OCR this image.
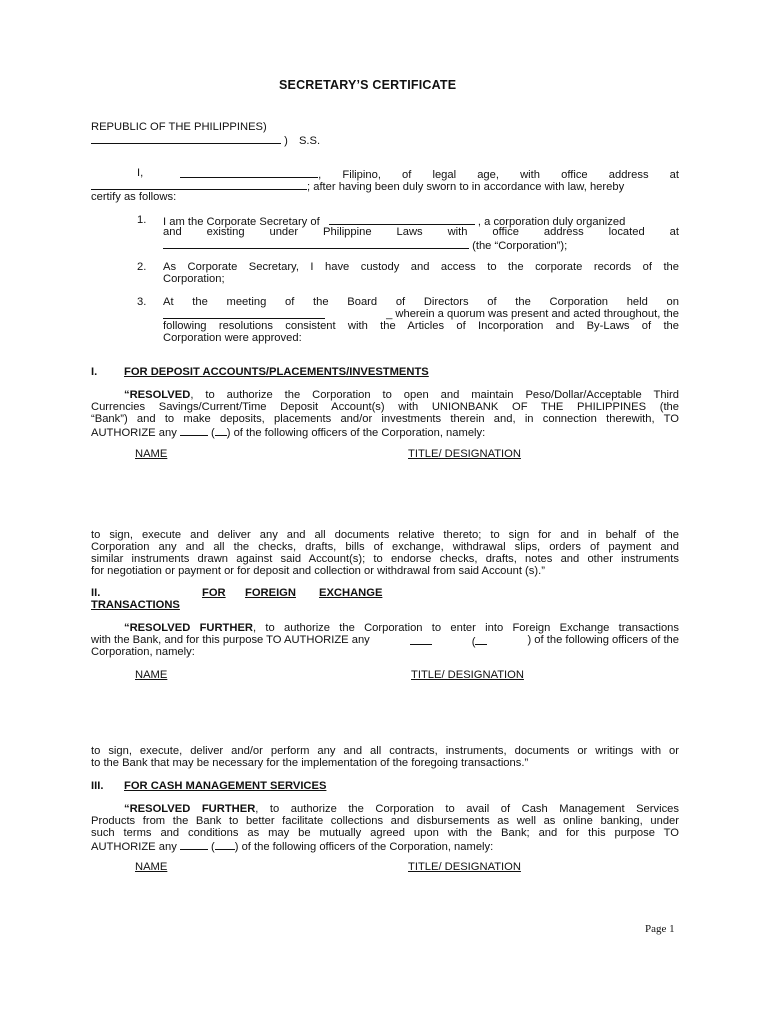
SECRETARY’S CERTIFICATE

REPUBLIC OF THE PHILIPPINES)

) S.S.
I,	, Filipino, of legal age, with office address at
; after having been duly sworn to in accordance with law, hereby

certify as follows:

1. I am the Corporate Secretary of	, a corporation duly organized

and existing under Philippine Laws with office address located at

(the “Corporation”);

2. As Corporate Secretary, I have custody and access to the corporate records of the

Corporation;

3. At the meeting of the Board of Directors of the Corporation held on

_ wherein a quorum was present and acted throughout, the

following resolutions consistent with the Articles of Incorporation and By-Laws of the

Corporation were approved:

I. FOR DEPOSIT ACCOUNTS/PLACEMENTS/INVESTMENTS

“RESOLVED, to authorize the Corporation to open and maintain Peso/Dollar/Acceptable Third

Currencies Savings/Current/Time Deposit Account(s) with UNIONBANK OF THE PHILIPPINES (the

“Bank”) and to make deposits, placements and/or investments therein and, in connection therewith, TO

AUTHORIZE any	( ) of the following officers of the Corporation, namely:

NAME	TITLE/ DESIGNATION

to sign, execute and deliver any and all documents relative thereto; to sign for and in behalf of the

Corporation any and all the checks, drafts, bills of exchange, withdrawal slips, orders of payment and

similar instruments drawn against said Account(s); to endorse checks, drafts, notes and other instruments

for negotiation or payment or for deposit and collection or withdrawal from said Account (s).”

II.	FOR FOREIGN EXCHANGE

TRANSACTIONS

“RESOLVED FURTHER, to authorize the Corporation to enter into Foreign Exchange transactions
with the Bank, and for this purpose TO AUTHORIZE any	(	) of the following officers of the

Corporation, namely:

NAME	TITLE/ DESIGNATION

to sign, execute, deliver and/or perform any and all contracts, instruments, documents or writings with or

to the Bank that may be necessary for the implementation of the foregoing transactions.”

III. FOR CASH MANAGEMENT SERVICES

“RESOLVED FURTHER, to authorize the Corporation to avail of Cash Management Services

Products from the Bank to better facilitate collections and disbursements as well as online banking, under

such terms and conditions as may be mutually agreed upon with the Bank; and for this purpose TO

AUTHORIZE any	( ) of the following officers of the Corporation, namely:

NAME	TITLE/ DESIGNATION

Page 1
